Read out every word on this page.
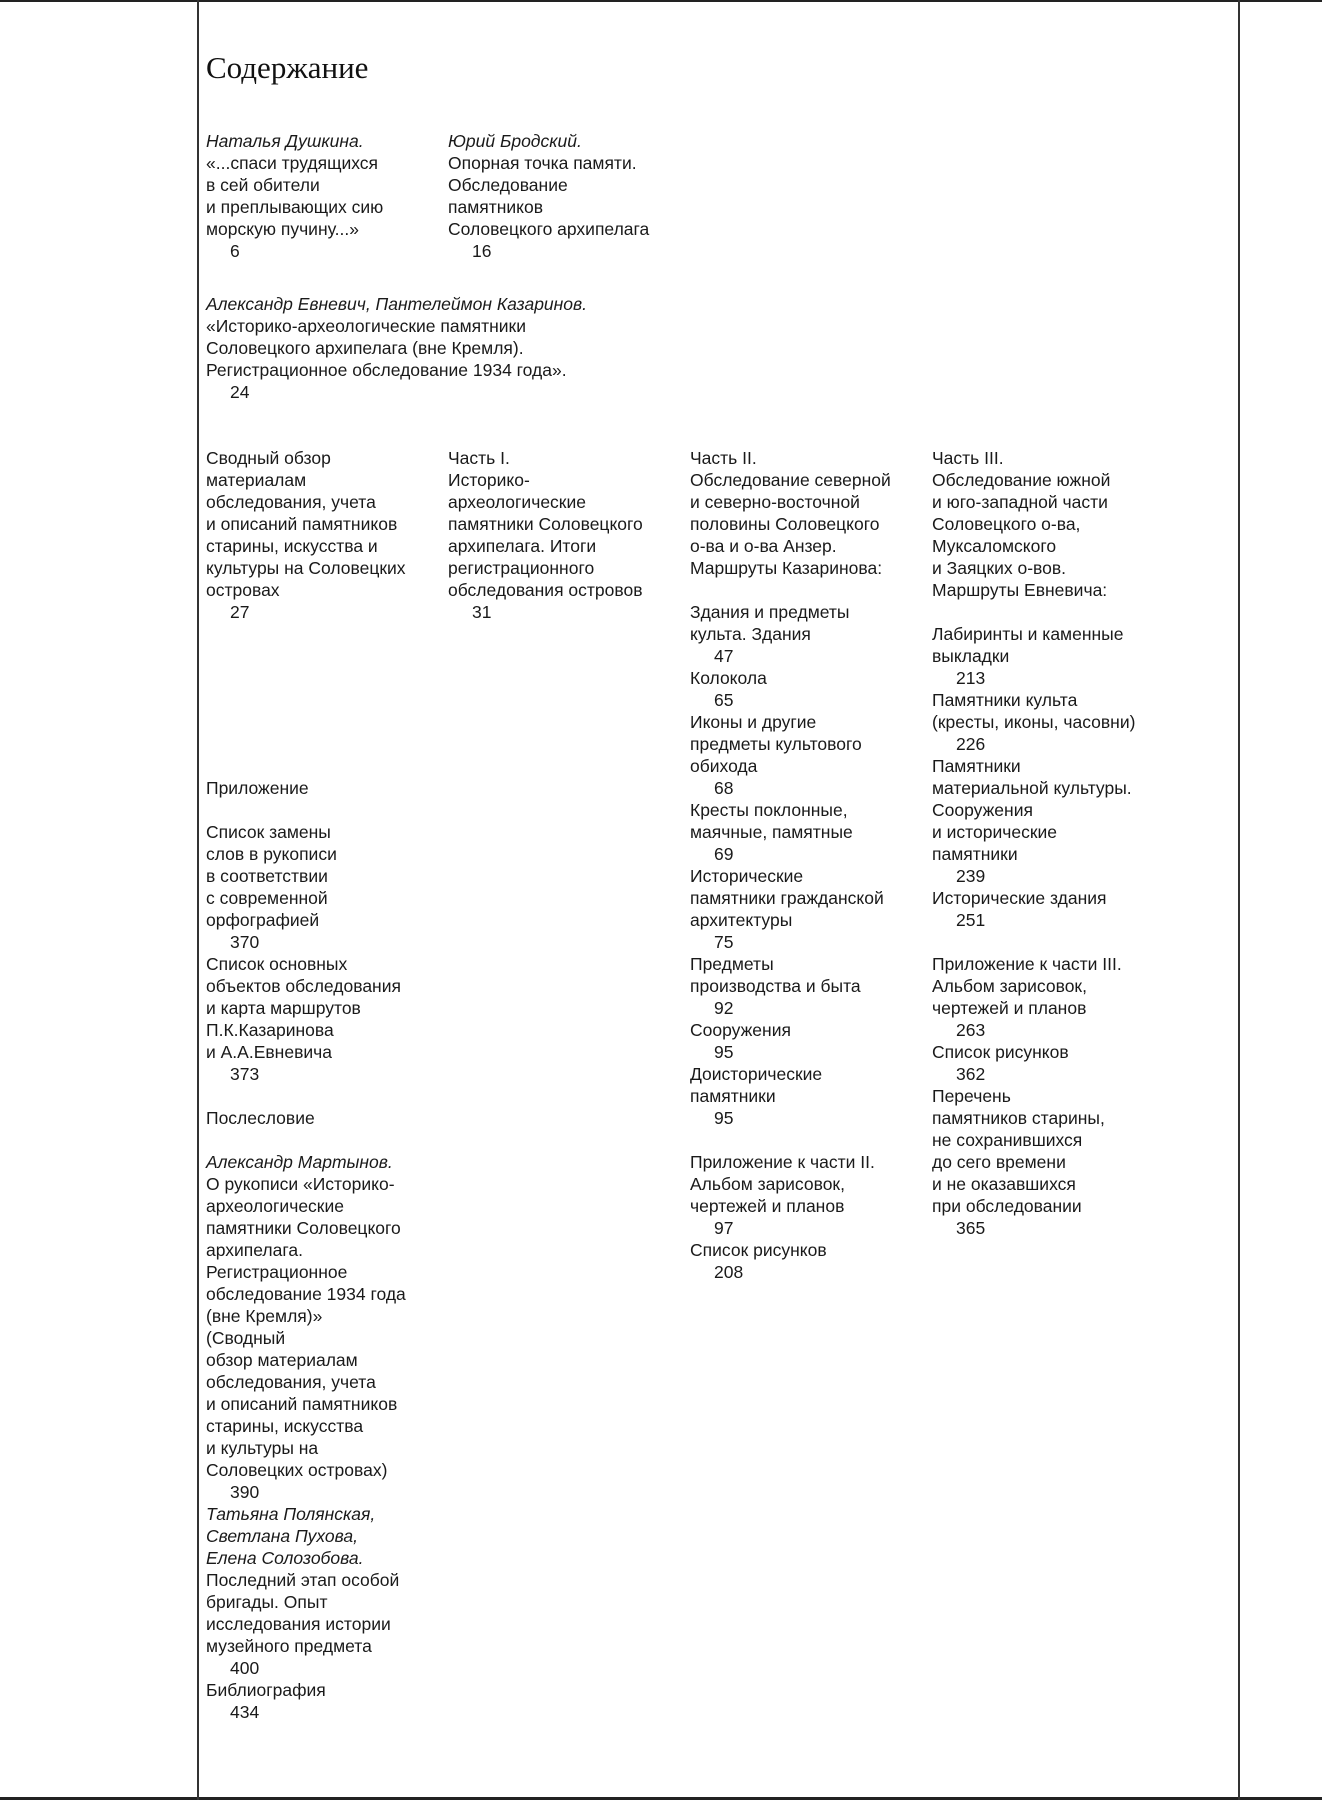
Содержание
Наталья Душкина.
«...спаси трудящихся
в сей обители
и преплывающих сию
морскую пучину...»
6
Юрий Бродский.
Опорная точка памяти.
Обследование
памятников
Соловецкого архипелага
16
Александр Евневич, Пантелеймон Казаринов.
«Историко-археологические памятники
Соловецкого архипелага (вне Кремля).
Регистрационное обследование 1934 года».
24
Сводный обзор
материалам
обследования, учета
и описаний памятников
старины, искусства и
культуры на Соловецких
островах
27
Приложение
Список замены
слов в рукописи
в соответствии
с современной
орфографией
370
Список основных
объектов обследования
и карта маршрутов
П.К.Казаринова
и А.А.Евневича
373
Послесловие
Александр Мартынов.
О рукописи «Историко-
археологические
памятники Соловецкого
архипелага.
Регистрационное
обследование 1934 года
(вне Кремля)»
(Сводный
обзор материалам
обследования, учета
и описаний памятников
старины, искусства
и культуры на
Соловецких островах)
390
Татьяна Полянская,
Светлана Пухова,
Елена Солозобова.
Последний этап особой
бригады. Опыт
исследования истории
музейного предмета
400
Библиография
434
Часть I.
Историко-
археологические
памятники Соловецкого
архипелага. Итоги
регистрационного
обследования островов
31
Часть II.
Обследование северной
и северно-восточной
половины Соловецкого
о-ва и о-ва Анзер.
Маршруты Казаринова:
Здания и предметы
культа. Здания
47
Колокола
65
Иконы и другие
предметы культового
обихода
68
Кресты поклонные,
маячные, памятные
69
Исторические
памятники гражданской
архитектуры
75
Предметы
производства и быта
92
Сооружения
95
Доисторические
памятники
95
Приложение к части II.
Альбом зарисовок,
чертежей и планов
97
Список рисунков
208
Часть III.
Обследование южной
и юго-западной части
Соловецкого о-ва,
Муксаломского
и Заяцких о-вов.
Маршруты Евневича:
Лабиринты и каменные
выкладки
213
Памятники культа
(кресты, иконы, часовни)
226
Памятники
материальной культуры.
Сооружения
и исторические
памятники
239
Исторические здания
251
Приложение к части III.
Альбом зарисовок,
чертежей и планов
263
Список рисунков
362
Перечень
памятников старины,
не сохранившихся
до сего времени
и не оказавшихся
при обследовании
365
